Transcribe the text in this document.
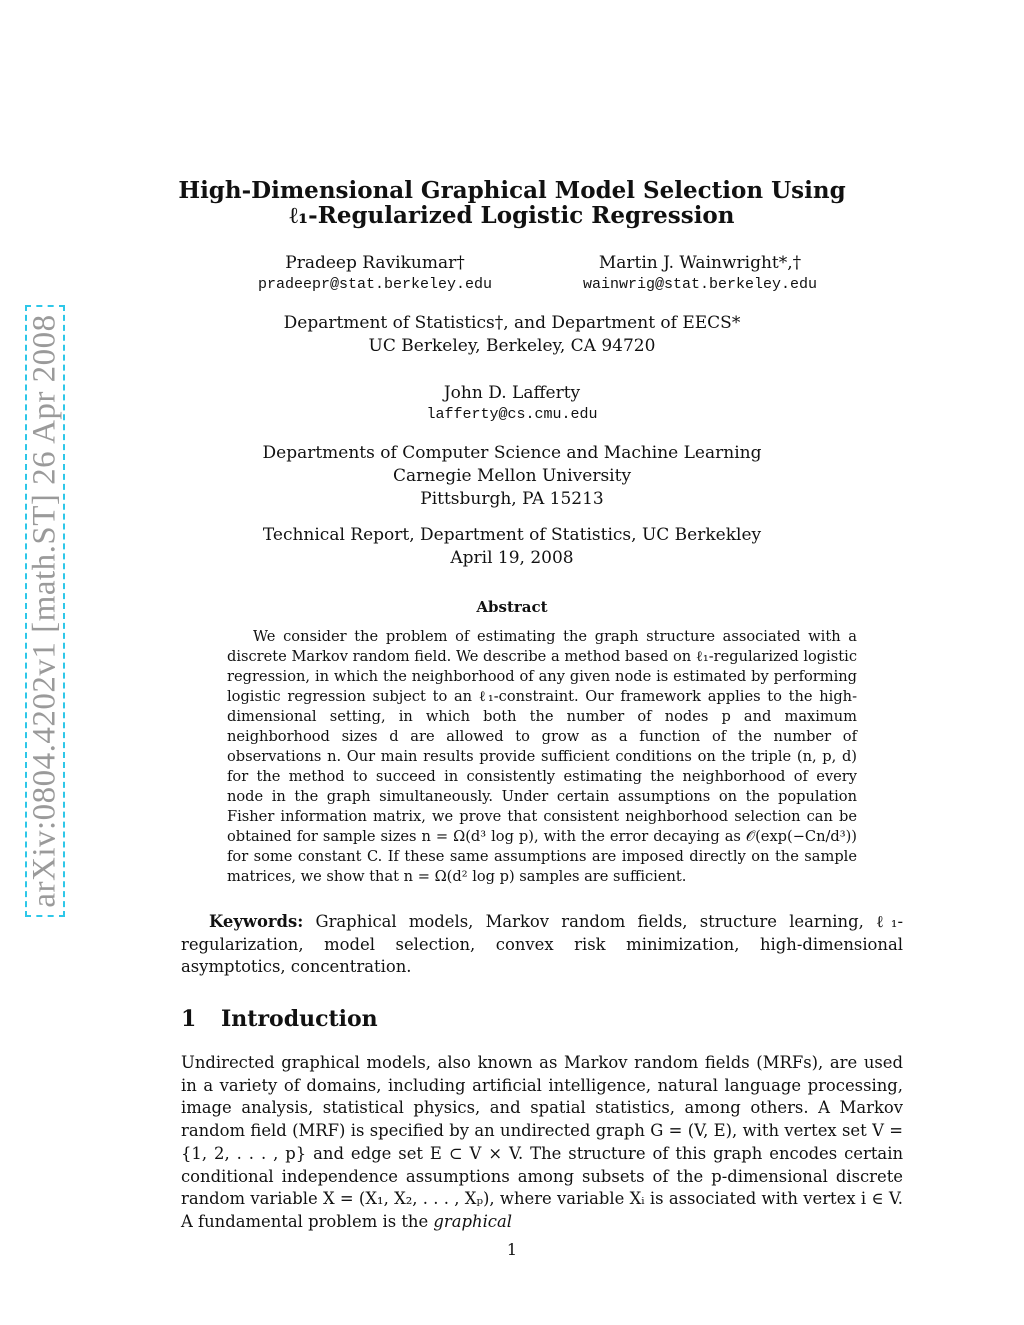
arXiv:0804.4202v1 [math.ST] 26 Apr 2008
High-Dimensional Graphical Model Selection Using
ℓ₁-Regularized Logistic Regression
Pradeep Ravikumar†
pradeepr@stat.berkeley.edu
Martin J. Wainwright*,†
wainwrig@stat.berkeley.edu
Department of Statistics†, and Department of EECS*
UC Berkeley, Berkeley, CA 94720
John D. Lafferty
lafferty@cs.cmu.edu
Departments of Computer Science and Machine Learning
Carnegie Mellon University
Pittsburgh, PA 15213
Technical Report, Department of Statistics, UC Berkekley
April 19, 2008
Abstract
We consider the problem of estimating the graph structure associated with a discrete Markov random field. We describe a method based on ℓ₁-regularized logistic regression, in which the neighborhood of any given node is estimated by performing logistic regression subject to an ℓ₁-constraint. Our framework applies to the high-dimensional setting, in which both the number of nodes p and maximum neighborhood sizes d are allowed to grow as a function of the number of observations n. Our main results provide sufficient conditions on the triple (n, p, d) for the method to succeed in consistently estimating the neighborhood of every node in the graph simultaneously. Under certain assumptions on the population Fisher information matrix, we prove that consistent neighborhood selection can be obtained for sample sizes n = Ω(d³ log p), with the error decaying as 𝒪(exp(−Cn/d³)) for some constant C. If these same assumptions are imposed directly on the sample matrices, we show that n = Ω(d² log p) samples are sufficient.
Keywords: Graphical models, Markov random fields, structure learning, ℓ₁-regularization, model selection, convex risk minimization, high-dimensional asymptotics, concentration.
1 Introduction
Undirected graphical models, also known as Markov random fields (MRFs), are used in a variety of domains, including artificial intelligence, natural language processing, image analysis, statistical physics, and spatial statistics, among others. A Markov random field (MRF) is specified by an undirected graph G = (V, E), with vertex set V = {1, 2, . . . , p} and edge set E ⊂ V × V. The structure of this graph encodes certain conditional independence assumptions among subsets of the p-dimensional discrete random variable X = (X₁, X₂, . . . , Xₚ), where variable Xᵢ is associated with vertex i ∈ V. A fundamental problem is the graphical
1
